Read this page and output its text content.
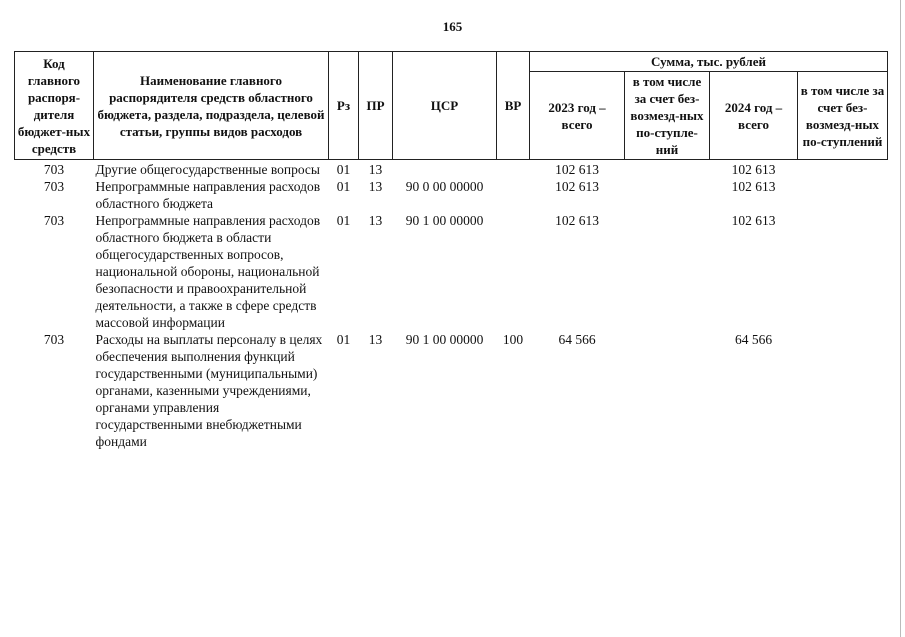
165
Код главного распоря-дителя бюджет-ных средств	Наименование главного распорядителя средств областного бюджета, раздела, подраздела, целевой статьи, группы видов расходов	Рз	ПР	ЦСР	ВР	Сумма, тыс. рублей			
						2023 год – всего	в том числе за счет без-возмезд-ных по-ступле-ний	2024 год – всего	в том числе за счет без-возмезд-ных по-ступлений
703	Другие общегосударственные вопросы	01	13			102 613		102 613	
703	Непрограммные направления расходов областного бюджета	01	13	90 0 00 00000		102 613		102 613	
703	Непрограммные направления расходов областного бюджета в области общегосударственных вопросов, национальной обороны, национальной безопасности и правоохранительной деятельности, а также в сфере средств массовой информации	01	13	90 1 00 00000		102 613		102 613	
703	Расходы на выплаты персоналу в целях обеспечения выполнения функций государственными (муниципальными) органами, казенными учреждениями, органами управления государственными внебюджетными фондами	01	13	90 1 00 00000	100	64 566		64 566	
